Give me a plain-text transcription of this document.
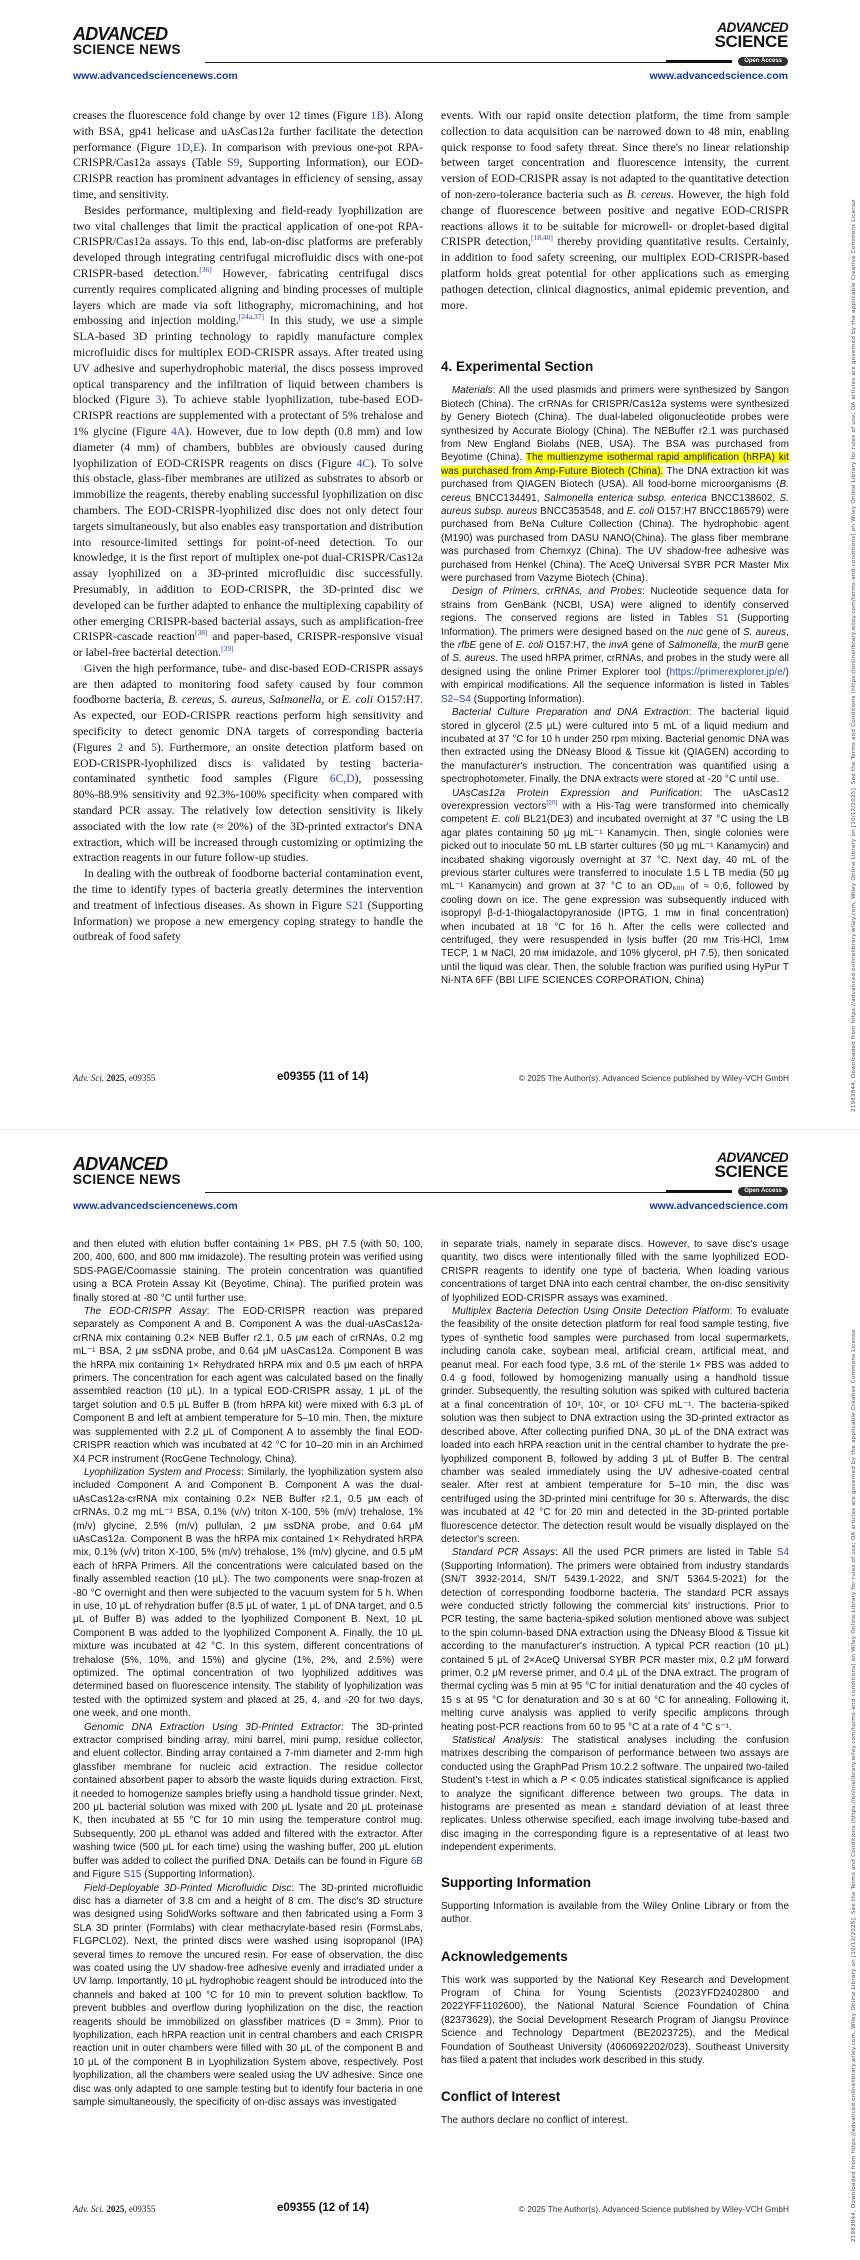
ADVANCED
SCIENCE NEWS
ADVANCED
SCIENCE
Open Access
www.advancedsciencenews.com	www.advancedscience.com

creases the fluorescence fold change by over 12 times (Figure 1B). Along with BSA, gp41 helicase and uAsCas12a further facilitate the detection performance (Figure 1D,E). In comparison with previous one-pot RPA-CRISPR/Cas12a assays (Table S9, Supporting Information), our EOD-CRISPR reaction has prominent advantages in efficiency of sensing, assay time, and sensitivity.

Besides performance, multiplexing and field-ready lyophilization are two vital challenges that limit the practical application of one-pot RPA-CRISPR/Cas12a assays. To this end, lab-on-disc platforms are preferably developed through integrating centrifugal microfluidic discs with one-pot CRISPR-based detection.[36] However, fabricating centrifugal discs currently requires complicated aligning and binding processes of multiple layers which are made via soft lithography, micromachining, and hot embossing and injection molding.[24a,37] In this study, we use a simple SLA-based 3D printing technology to rapidly manufacture complex microfluidic discs for multiplex EOD-CRISPR assays. After treated using UV adhesive and superhydrophobic material, the discs possess improved optical transparency and the infiltration of liquid between chambers is blocked (Figure 3). To achieve stable lyophilization, tube-based EOD-CRISPR reactions are supplemented with a protectant of 5% trehalose and 1% glycine (Figure 4A). However, due to low depth (0.8 mm) and low diameter (4 mm) of chambers, bubbles are obviously caused during lyophilization of EOD-CRISPR reagents on discs (Figure 4C). To solve this obstacle, glass-fiber membranes are utilized as substrates to absorb or immobilize the reagents, thereby enabling successful lyophilization on disc chambers. The EOD-CRISPR-lyophilized disc does not only detect four targets simultaneously, but also enables easy transportation and distribution into resource-limited settings for point-of-need detection. To our knowledge, it is the first report of multiplex one-pot dual-CRISPR/Cas12a assay lyophilized on a 3D-printed microfluidic disc successfully. Presumably, in addition to EOD-CRISPR, the 3D-printed disc we developed can be further adapted to enhance the multiplexing capability of other emerging CRISPR-based bacterial assays, such as amplification-free CRISPR-cascade reaction[38] and paper-based, CRISPR-responsive visual or label-free bacterial detection.[39]

Given the high performance, tube- and disc-based EOD-CRISPR assays are then adapted to monitoring food safety caused by four common foodborne bacteria, B. cereus, S. aureus, Salmonella, or E. coli O157:H7. As expected, our EOD-CRISPR reactions perform high sensitivity and specificity to detect genomic DNA targets of corresponding bacteria (Figures 2 and 5). Furthermore, an onsite detection platform based on EOD-CRISPR-lyophilized discs is validated by testing bacteria-contaminated synthetic food samples (Figure 6C,D), possessing 80%-88.9% sensitivity and 92.3%-100% specificity when compared with standard PCR assay. The relatively low detection sensitivity is likely associated with the low rate (≈ 20%) of the 3D-printed extractor's DNA extraction, which will be increased through customizing or optimizing the extraction reagents in our future follow-up studies.

In dealing with the outbreak of foodborne bacterial contamination event, the time to identify types of bacteria greatly determines the intervention and treatment of infectious diseases. As shown in Figure S21 (Supporting Information) we propose a new emergency coping strategy to handle the outbreak of food safety

events. With our rapid onsite detection platform, the time from sample collection to data acquisition can be narrowed down to 48 min, enabling quick response to food safety threat. Since there's no linear relationship between target concentration and fluorescence intensity, the current version of EOD-CRISPR assay is not adapted to the quantitative detection of non-zero-tolerance bacteria such as B. cereus. However, the high fold change of fluorescence between positive and negative EOD-CRISPR reactions allows it to be suitable for microwell- or droplet-based digital CRISPR detection,[18,40] thereby providing quantitative results. Certainly, in addition to food safety screening, our multiplex EOD-CRISPR-based platform holds great potential for other applications such as emerging pathogen detection, clinical diagnostics, animal epidemic prevention, and more.

4. Experimental Section

Materials: All the used plasmids and primers were synthesized by Sangon Biotech (China). The crRNAs for CRISPR/Cas12a systems were synthesized by Genery Biotech (China). The dual-labeled oligonucleotide probes were synthesized by Accurate Biology (China). The NEBuffer r2.1 was purchased from New England Biolabs (NEB, USA). The BSA was purchased from Beyotime (China). The multienzyme isothermal rapid amplification (hRPA) kit was purchased from Amp-Future Biotech (China). The DNA extraction kit was purchased from QIAGEN Biotech (USA). All food-borne microorganisms (B. cereus BNCC134491, Salmonella enterica subsp. enterica BNCC138602, S. aureus subsp. aureus BNCC353548, and E. coli O157:H7 BNCC186579) were purchased from BeNa Culture Collection (China). The hydrophobic agent (M190) was purchased from DASU NANO(China). The glass fiber membrane was purchased from Chemxyz (China). The UV shadow-free adhesive was purchased from Henkel (China). The AceQ Universal SYBR PCR Master Mix were purchased from Vazyme Biotech (China).

Design of Primers, crRNAs, and Probes: Nucleotide sequence data for strains from GenBank (NCBI, USA) were aligned to identify conserved regions. The conserved regions are listed in Tables S1 (Supporting Information). The primers were designed based on the nuc gene of S. aureus, the rfbE gene of E. coli O157:H7, the invA gene of Salmonella, the murB gene of S. aureus. The used hRPA primer, crRNAs, and probes in the study were all designed using the online Primer Explorer tool (https://primerexplorer.jp/e/) with empirical modifications. All the sequence information is listed in Tables S2–S4 (Supporting Information).

Bacterial Culture Preparation and DNA Extraction: The bacterial liquid stored in glycerol (2.5 μL) were cultured into 5 mL of a liquid medium and incubated at 37 °C for 10 h under 250 rpm mixing. Bacterial genomic DNA was then extracted using the DNeasy Blood & Tissue kit (QIAGEN) according to the manufacturer's instruction. The concentration was quantified using a spectrophotometer. Finally, the DNA extracts were stored at -20 °C until use.

UAsCas12a Protein Expression and Purification: The uAsCas12 overexpression vectors[20] with a His-Tag were transformed into chemically competent E. coli BL21(DE3) and incubated overnight at 37 °C using the LB agar plates containing 50 μg mL⁻¹ Kanamycin. Then, single colonies were picked out to inoculate 50 mL LB starter cultures (50 μg mL⁻¹ Kanamycin) and incubated shaking vigorously overnight at 37 °C. Next day, 40 mL of the previous starter cultures were transferred to inoculate 1.5 L TB media (50 μg mL⁻¹ Kanamycin) and grown at 37 °C to an OD₆₀₀ of ≈ 0.6, followed by cooling down on ice. The gene expression was subsequently induced with isopropyl β-d-1-thiogalactopyranoside (IPTG, 1 mм in final concentration) when incubated at 18 °C for 16 h. After the cells were collected and centrifuged, they were resuspended in lysis buffer (20 mм Tris-HCl, 1mм TECP, 1 м NaCl, 20 mм imidazole, and 10% glycerol, pH 7.5), then sonicated until the liquid was clear. Then, the soluble fraction was purified using HyPur T Ni-NTA 6FF (BBI LIFE SCIENCES CORPORATION, China)

Adv. Sci. 2025, e09355	e09355 (11 of 14)	© 2025 The Author(s). Advanced Science published by Wiley-VCH GmbH	21983844, Downloaded from https://advanced.onlinelibrary.wiley.com, Wiley Online Library on [10/12/2025]. See the Terms and Conditions (https://onlinelibrary.wiley.com/terms-and-conditions) on Wiley Online Library for rules of use; OA articles are governed by the applicable Creative Commons License
ADVANCED
SCIENCE NEWS
ADVANCED
SCIENCE
Open Access
www.advancedsciencenews.com	www.advancedscience.com

and then eluted with elution buffer containing 1× PBS, pH 7.5 (with 50, 100, 200, 400, 600, and 800 mм imidazole). The resulting protein was verified using SDS-PAGE/Coomassie staining. The protein concentration was quantified using a BCA Protein Assay Kit (Beyotime, China). The purified protein was finally stored at -80 °C until further use.

The EOD-CRISPR Assay: The EOD-CRISPR reaction was prepared separately as Component A and B. Component A was the dual-uAsCas12a-crRNA mix containing 0.2× NEB Buffer r2.1, 0.5 μм each of crRNAs, 0.2 mg mL⁻¹ BSA, 2 μм ssDNA probe, and 0.64 μM uAsCas12a. Component B was the hRPA mix containing 1× Rehydrated hRPA mix and 0.5 μм each of hRPA primers. The concentration for each agent was calculated based on the finally assembled reaction (10 μL). In a typical EOD-CRISPR assay, 1 μL of the target solution and 0.5 μL Buffer B (from hRPA kit) were mixed with 6.3 μL of Component B and left at ambient temperature for 5–10 min. Then, the mixture was supplemented with 2.2 μL of Component A to assembly the final EOD-CRISPR reaction which was incubated at 42 °C for 10–20 min in an Archimed X4 PCR instrument (RocGene Technology, China).

Lyophilization System and Process: Similarly, the lyophilization system also included Component A and Component B. Component A was the dual-uAsCas12a-crRNA mix containing 0.2× NEB Buffer r2.1, 0.5 μм each of crRNAs, 0.2 mg mL⁻¹ BSA, 0.1% (v/v) triton X-100, 5% (m/v) trehalose, 1% (m/v) glycine, 2.5% (m/v) pullulan, 2 μм ssDNA probe, and 0.64 μM uAsCas12a. Component B was the hRPA mix contained 1× Rehydrated hRPA mix, 0.1% (v/v) triton X-100, 5% (m/v) trehalose, 1% (m/v) glycine, and 0.5 μM each of hRPA Primers. All the concentrations were calculated based on the finally assembled reaction (10 μL). The two components were snap-frozen at -80 °C overnight and then were subjected to the vacuum system for 5 h. When in use, 10 μL of rehydration buffer (8.5 μL of water, 1 μL of DNA target, and 0.5 μL of Buffer B) was added to the lyophilized Component B. Next, 10 μL Component B was added to the lyophilized Component A. Finally, the 10 μL mixture was incubated at 42 °C. In this system, different concentrations of trehalose (5%, 10%, and 15%) and glycine (1%, 2%, and 2.5%) were optimized. The optimal concentration of two lyophilized additives was determined based on fluorescence intensity. The stability of lyophilization was tested with the optimized system and placed at 25, 4, and -20 for two days, one week, and one month.

Genomic DNA Extraction Using 3D-Printed Extractor: The 3D-printed extractor comprised binding array, mini barrel, mini pump, residue collector, and eluent collector. Binding array contained a 7-mm diameter and 2-mm high glassfiber membrane for nucleic acid extraction. The residue collector contained absorbent paper to absorb the waste liquids during extraction. First, it needed to homogenize samples briefly using a handhold tissue grinder. Next, 200 μL bacterial solution was mixed with 200 μL lysate and 20 μL proteinase K, then incubated at 55 °C for 10 min using the temperature control mug. Subsequently, 200 μL ethanol was added and filtered with the extractor. After washing twice (500 μL for each time) using the washing buffer, 200 μL elution buffer was added to collect the purified DNA. Details can be found in Figure 6B and Figure S15 (Supporting Information).

Field-Deployable 3D-Printed Microfluidic Disc: The 3D-printed microfluidic disc has a diameter of 3.8 cm and a height of 8 cm. The disc's 3D structure was designed using SolidWorks software and then fabricated using a Form 3 SLA 3D printer (Formlabs) with clear methacrylate-based resin (FormsLabs, FLGPCL02). Next, the printed discs were washed using isopropanol (IPA) several times to remove the uncured resin. For ease of observation, the disc was coated using the UV shadow-free adhesive evenly and irradiated under a UV lamp. Importantly, 10 μL hydrophobic reagent should be introduced into the channels and baked at 100 °C for 10 min to prevent solution backflow. To prevent bubbles and overflow during lyophilization on the disc, the reaction reagents should be immobilized on glassfiber matrices (D = 3mm). Prior to lyophilization, each hRPA reaction unit in central chambers and each CRISPR reaction unit in outer chambers were filled with 30 μL of the component B and 10 μL of the component B in Lyophilization System above, respectively. Post lyophilization, all the chambers were sealed using the UV adhesive. Since one disc was only adapted to one sample testing but to identify four bacteria in one sample simultaneously, the specificity of on-disc assays was investigated

in separate trials, namely in separate discs. However, to save disc's usage quantity, two discs were intentionally filled with the same lyophilized EOD-CRISPR reagents to identify one type of bacteria. When loading various concentrations of target DNA into each central chamber, the on-disc sensitivity of lyophilized EOD-CRISPR assays was examined.

Multiplex Bacteria Detection Using Onsite Detection Platform: To evaluate the feasibility of the onsite detection platform for real food sample testing, five types of synthetic food samples were purchased from local supermarkets, including canola cake, soybean meal, artificial cream, artificial meat, and peanut meal. For each food type, 3.6 mL of the sterile 1× PBS was added to 0.4 g food, followed by homogenizing manually using a handhold tissue grinder. Subsequently, the resulting solution was spiked with cultured bacteria at a final concentration of 10³, 10², or 10¹ CFU mL⁻¹. The bacteria-spiked solution was then subject to DNA extraction using the 3D-printed extractor as described above. After collecting purified DNA, 30 μL of the DNA extract was loaded into each hRPA reaction unit in the central chamber to hydrate the pre-lyophilized component B, followed by adding 3 μL of Buffer B. The central chamber was sealed immediately using the UV adhesive-coated central sealer. After rest at ambient temperature for 5–10 min, the disc was centrifuged using the 3D-printed mini centrifuge for 30 s. Afterwards, the disc was incubated at 42 °C for 20 min and detected in the 3D-printed portable fluorescence detector. The detection result would be visually displayed on the detector's screen.

Standard PCR Assays: All the used PCR primers are listed in Table S4 (Supporting Information). The primers were obtained from industry standards (SN/T 3932-2014, SN/T 5439.1-2022, and SN/T 5364.5-2021) for the detection of corresponding foodborne bacteria. The standard PCR assays were conducted strictly following the commercial kits' instructions. Prior to PCR testing, the same bacteria-spiked solution mentioned above was subject to the spin column-based DNA extraction using the DNeasy Blood & Tissue kit according to the manufacturer's instruction. A typical PCR reaction (10 μL) contained 5 μL of 2×AceQ Universal SYBR PCR master mix, 0.2 μM forward primer, 0.2 μM reverse primer, and 0.4 μL of the DNA extract. The program of thermal cycling was 5 min at 95 °C for initial denaturation and the 40 cycles of 15 s at 95 °C for denaturation and 30 s at 60 °C for annealing. Following it, melting curve analysis was applied to verify specific amplicons through heating post-PCR reactions from 60 to 95 °C at a rate of 4 °C s⁻¹.

Statistical Analysis: The statistical analyses including the confusion matrixes describing the comparison of performance between two assays are conducted using the GraphPad Prism 10.2.2 software. The unpaired two-tailed Student's t-test in which a P < 0.05 indicates statistical significance is applied to analyze the significant difference between two groups. The data in histograms are presented as mean ± standard deviation of at least three replicates. Unless otherwise specified, each image involving tube-based and disc imaging in the corresponding figure is a representative of at least two independent experiments.

Supporting Information

Supporting Information is available from the Wiley Online Library or from the author.

Acknowledgements

This work was supported by the National Key Research and Development Program of China for Young Scientists (2023YFD2402800 and 2022YFF1102600), the National Natural Science Foundation of China (82373629), the Social Development Research Program of Jiangsu Province Science and Technology Department (BE2023725), and the Medical Foundation of Southeast University (4060692202/023). Southeast University has filed a patent that includes work described in this study.

Conflict of Interest

The authors declare no conflict of interest.

Adv. Sci. 2025, e09355	e09355 (12 of 14)	© 2025 The Author(s). Advanced Science published by Wiley-VCH GmbH	21983844, Downloaded from https://advanced.onlinelibrary.wiley.com, Wiley Online Library on [10/12/2025]. See the Terms and Conditions (https://onlinelibrary.wiley.com/terms-and-conditions) on Wiley Online Library for rules of use; OA articles are governed by the applicable Creative Commons License
